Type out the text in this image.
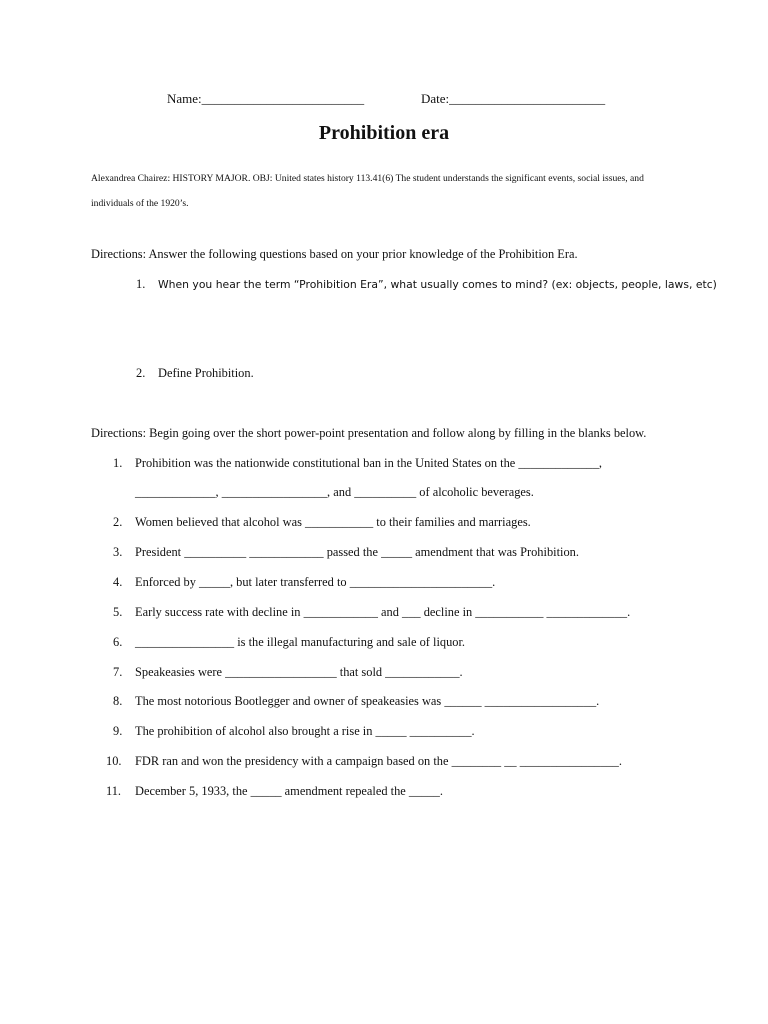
Name:_________________________	Date:________________________
Prohibition era
Alexandrea Chairez: HISTORY MAJOR. OBJ: United states history 113.41(6) The student understands the significant events, social issues, and
individuals of the 1920’s.
Directions: Answer the following questions based on your prior knowledge of the Prohibition Era.
1. When you hear the term “Prohibition Era”, what usually comes to mind? (ex: objects, people, laws, etc)
2. Define Prohibition.
Directions: Begin going over the short power-point presentation and follow along by filling in the blanks below.
1. Prohibition was the nationwide constitutional ban in the United States on the _____________,
_____________, _________________, and __________ of alcoholic beverages.
2. Women believed that alcohol was ___________ to their families and marriages.
3. President __________ ____________ passed the _____ amendment that was Prohibition.
4. Enforced by _____, but later transferred to _______________________.
5. Early success rate with decline in ____________ and ___ decline in ___________ _____________.
6. ________________ is the illegal manufacturing and sale of liquor.
7. Speakeasies were __________________ that sold ____________.
8. The most notorious Bootlegger and owner of speakeasies was ______ __________________.
9. The prohibition of alcohol also brought a rise in _____ __________.
10. FDR ran and won the presidency with a campaign based on the ________ __ ________________.
11. December 5, 1933, the _____ amendment repealed the _____.
